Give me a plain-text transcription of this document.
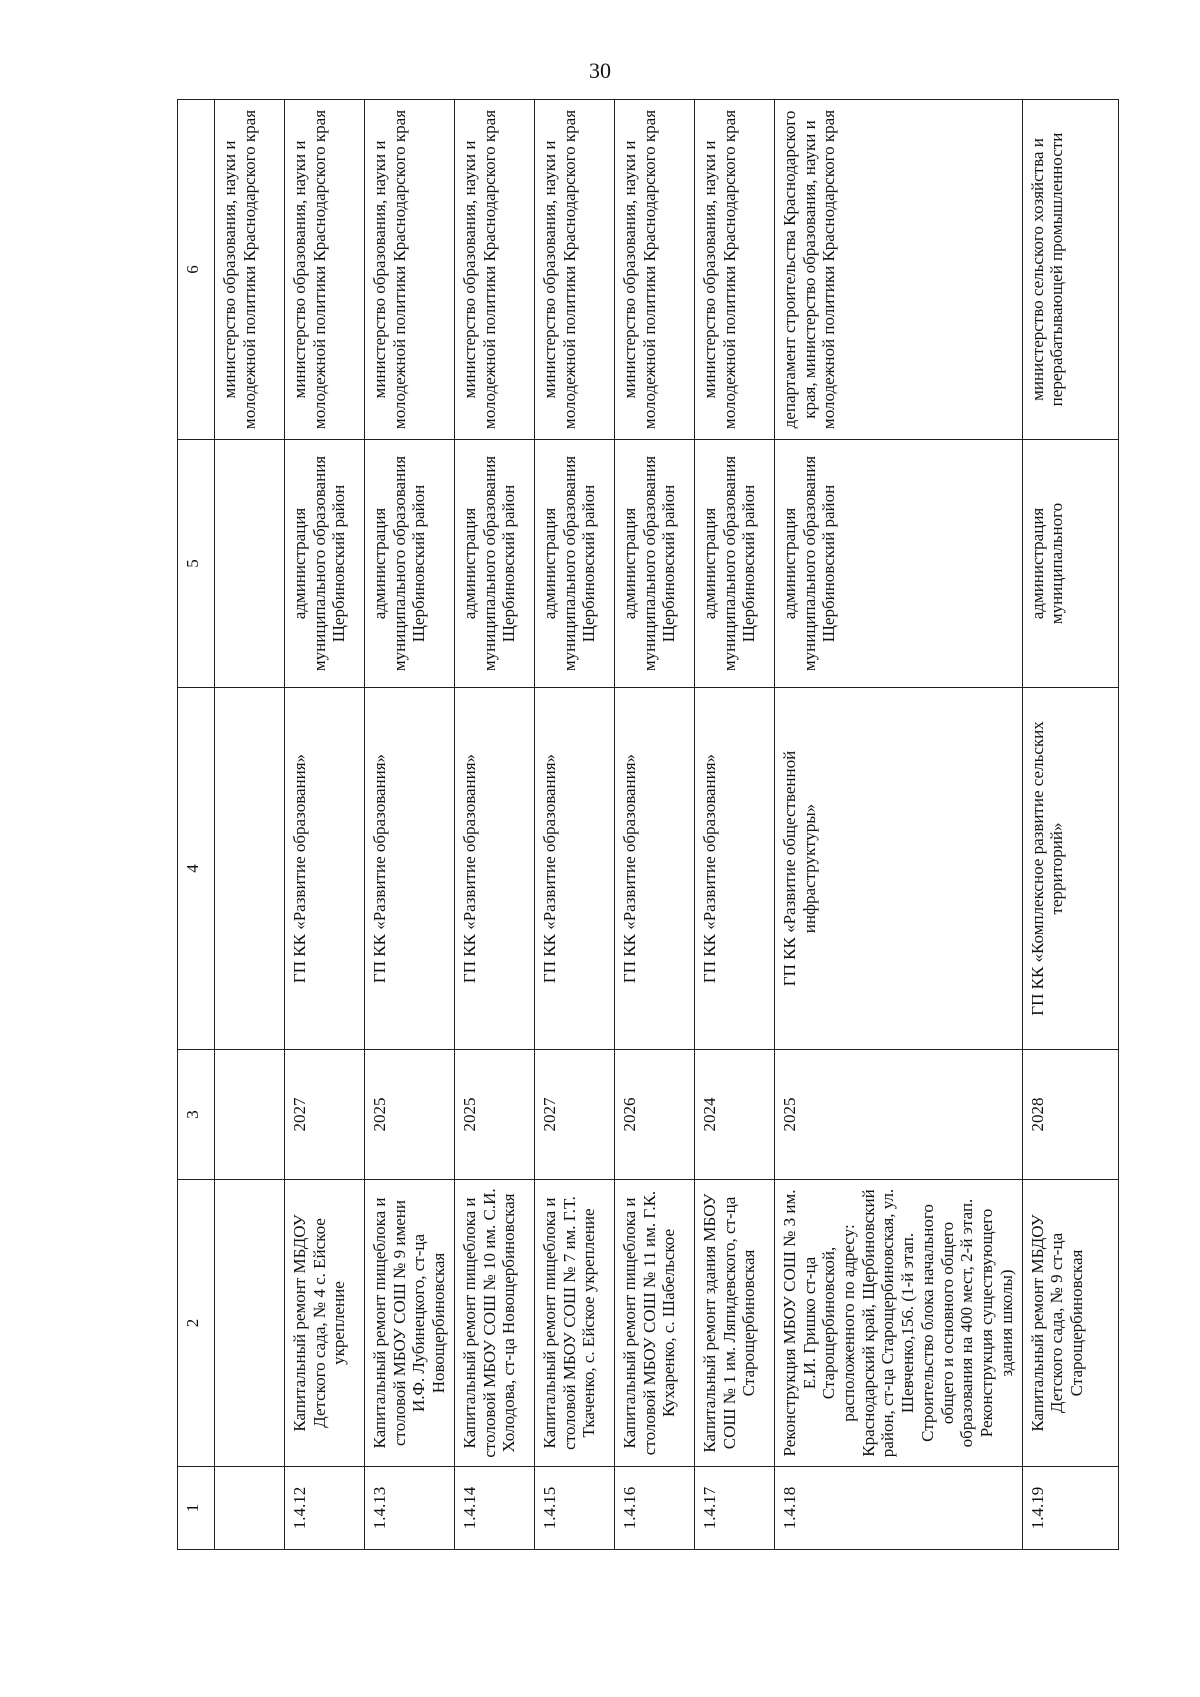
30
1	2	3	4	5	6
					министерство образования, науки и молодежной политики Краснодарского края
1.4.12	Капитальный ремонт МБДОУ Детского сада, № 4 с. Ейское укрепление	2027	ГП КК «Развитие образования»	администрация муниципального образования Щербиновский район	министерство образования, науки и молодежной политики Краснодарского края
1.4.13	Капитальный ремонт пищеблока и столовой МБОУ СОШ № 9 имени И.Ф. Лубинецкого, ст-ца Новощербиновская	2025	ГП КК «Развитие образования»	администрация муниципального образования Щербиновский район	министерство образования, науки и молодежной политики Краснодарского края
1.4.14	Капитальный ремонт пищеблока и столовой МБОУ СОШ № 10 им. С.И. Холодова, ст-ца Новощербиновская	2025	ГП КК «Развитие образования»	администрация муниципального образования Щербиновский район	министерство образования, науки и молодежной политики Краснодарского края
1.4.15	Капитальный ремонт пищеблока и столовой МБОУ СОШ № 7 им. Г.Т. Ткаченко, с. Ейское укрепление	2027	ГП КК «Развитие образования»	администрация муниципального образования Щербиновский район	министерство образования, науки и молодежной политики Краснодарского края
1.4.16	Капитальный ремонт пищеблока и столовой МБОУ СОШ № 11 им. Г.К. Кухаренко, с. Шабельское	2026	ГП КК «Развитие образования»	администрация муниципального образования Щербиновский район	министерство образования, науки и молодежной политики Краснодарского края
1.4.17	Капитальный ремонт здания МБОУ СОШ № 1 им. Ляпидевского, ст-ца Старощербиновская	2024	ГП КК «Развитие образования»	администрация муниципального образования Щербиновский район	министерство образования, науки и молодежной политики Краснодарского края
1.4.18	Реконструкция МБОУ СОШ № 3 им. Е.И. Гришко ст-ца Старощербиновской, расположенного по адресу: Краснодарский край, Щербиновский район, ст-ца Старощербиновская, ул. Шевченко,156. (1-й этап. Строительство блока начального общего и основного общего образования на 400 мест, 2-й этап. Реконструкция существующего здания школы)	2025	ГП КК «Развитие общественной инфраструктуры»	администрация муниципального образования Щербиновский район	департамент строительства Краснодарского края, министерство образования, науки и молодежной политики Краснодарского края
1.4.19	Капитальный ремонт МБДОУ Детского сада, № 9 ст-ца Старощербиновская	2028	ГП КК «Комплексное развитие сельских территорий»	администрация муниципального	министерство сельского хозяйства и перерабатывающей промышленности
